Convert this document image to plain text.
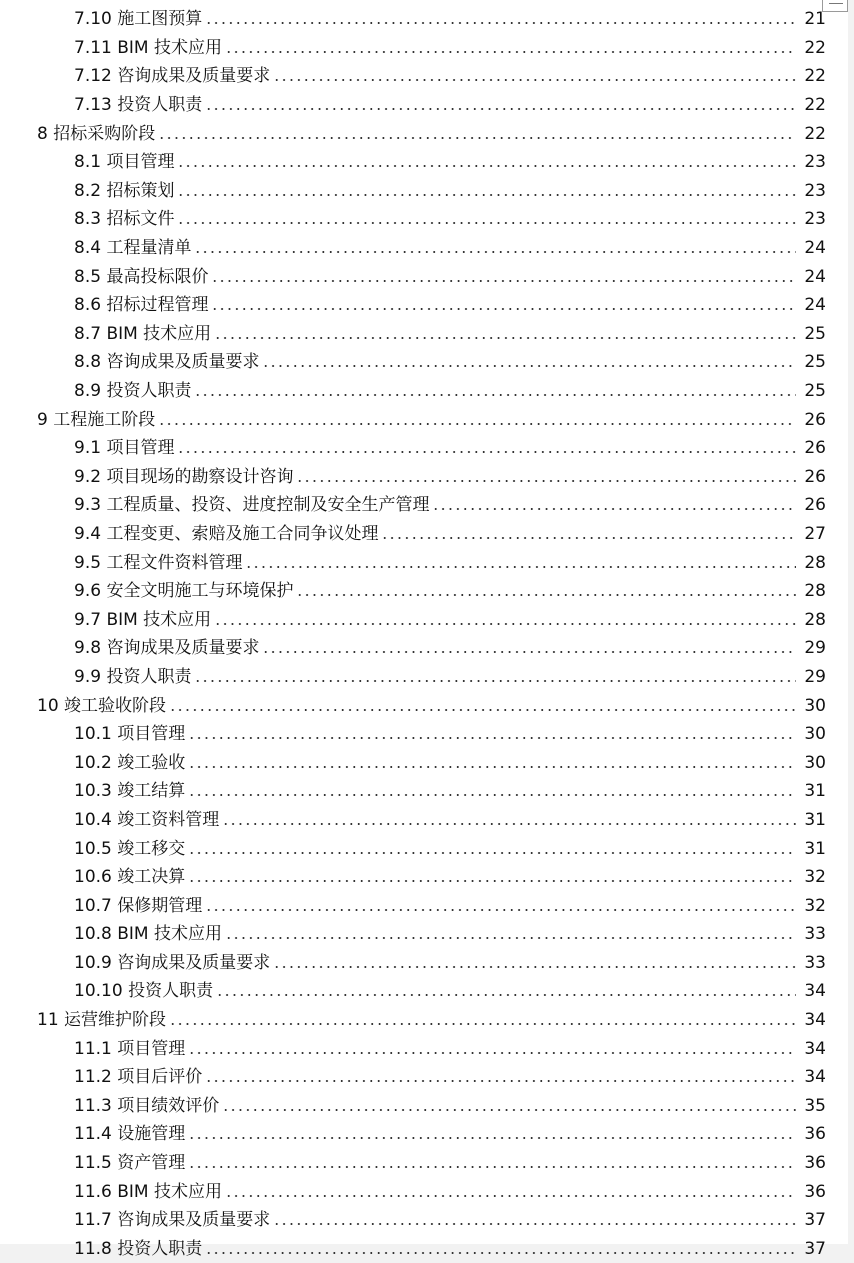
7.10 施工图预算	21
7.11 BIM 技术应用	22
7.12 咨询成果及质量要求	22
7.13 投资人职责	22
8 招标采购阶段	22
8.1 项目管理	23
8.2 招标策划	23
8.3 招标文件	23
8.4 工程量清单	24
8.5 最高投标限价	24
8.6 招标过程管理	24
8.7 BIM 技术应用	25
8.8 咨询成果及质量要求	25
8.9 投资人职责	25
9 工程施工阶段	26
9.1 项目管理	26
9.2 项目现场的勘察设计咨询	26
9.3 工程质量、投资、进度控制及安全生产管理	26
9.4 工程变更、索赔及施工合同争议处理	27
9.5 工程文件资料管理	28
9.6 安全文明施工与环境保护	28
9.7 BIM 技术应用	28
9.8 咨询成果及质量要求	29
9.9 投资人职责	29
10 竣工验收阶段	30
10.1 项目管理	30
10.2 竣工验收	30
10.3 竣工结算	31
10.4 竣工资料管理	31
10.5 竣工移交	31
10.6 竣工决算	32
10.7 保修期管理	32
10.8 BIM 技术应用	33
10.9 咨询成果及质量要求	33
10.10 投资人职责	34
11 运营维护阶段	34
11.1 项目管理	34
11.2 项目后评价	34
11.3 项目绩效评价	35
11.4 设施管理	36
11.5 资产管理	36
11.6 BIM 技术应用	36
11.7 咨询成果及质量要求	37
11.8 投资人职责	37
